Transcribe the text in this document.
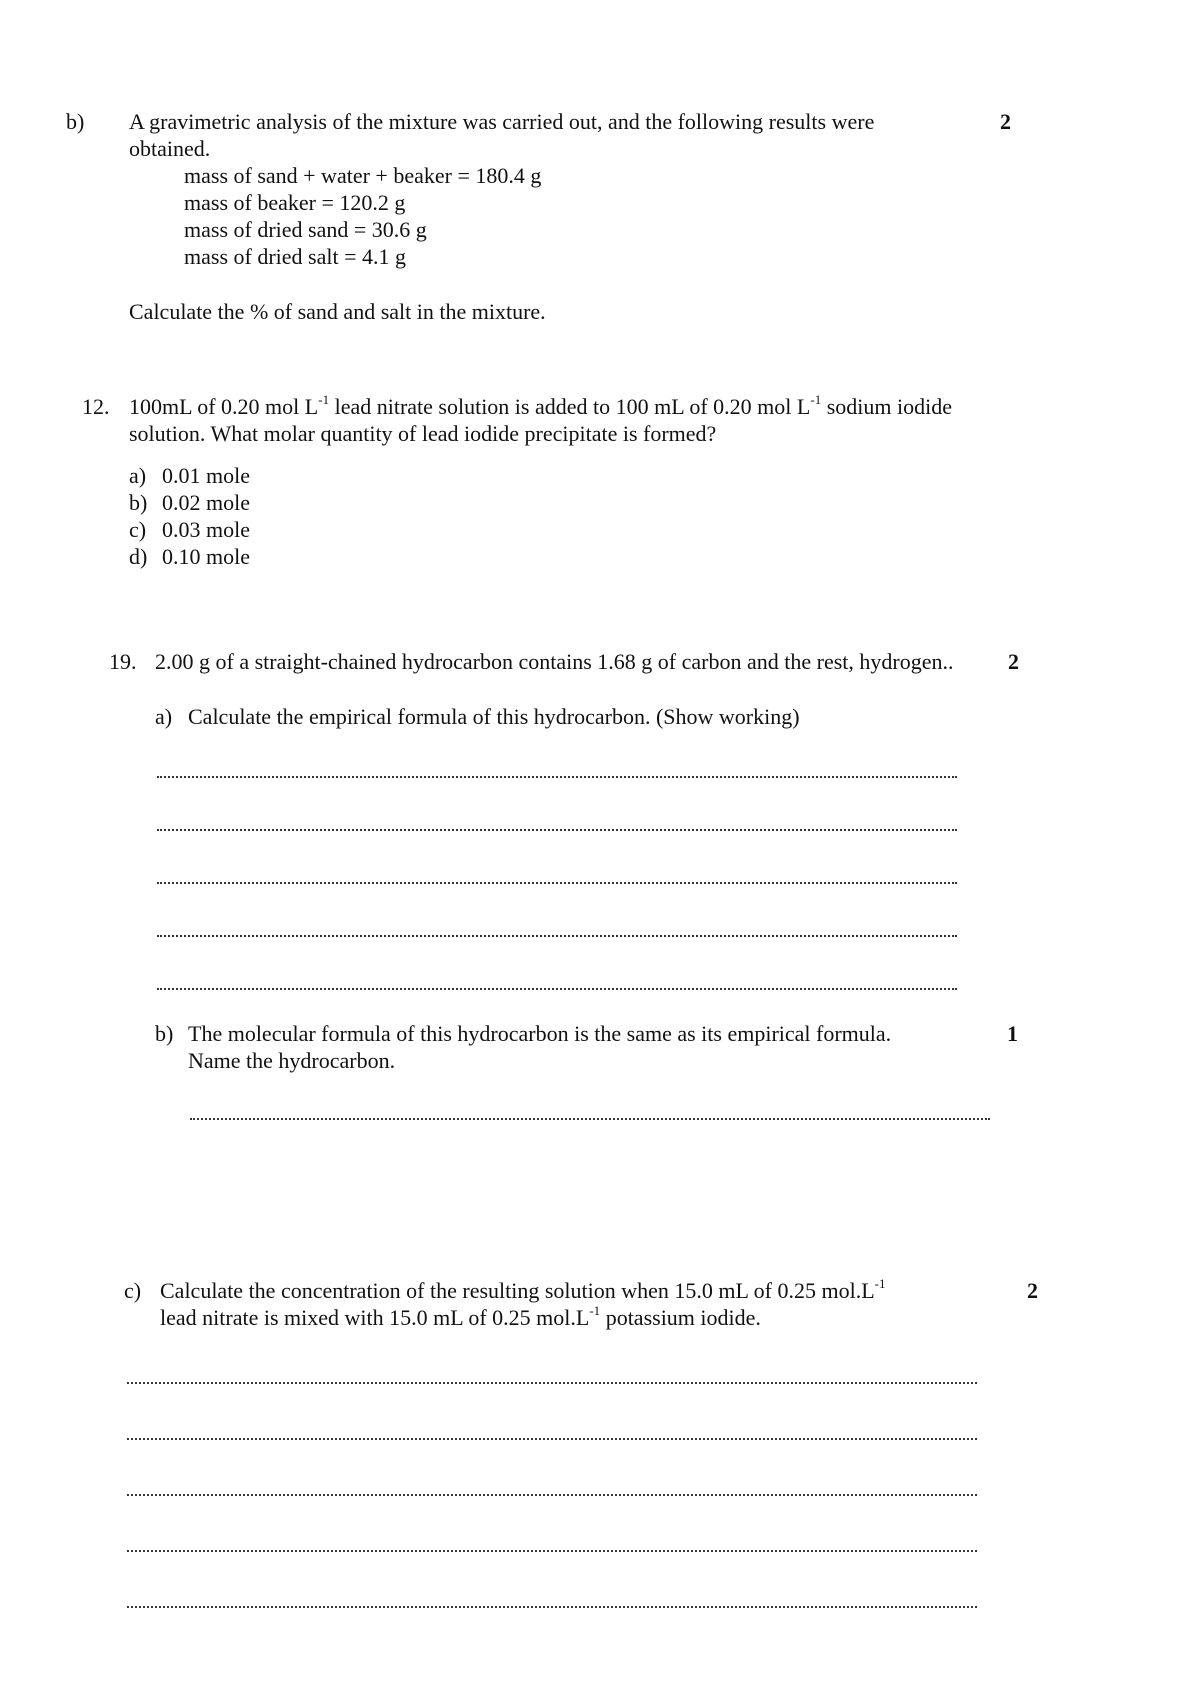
b) A gravimetric analysis of the mixture was carried out, and the following results were	2
obtained.
mass of sand + water + beaker = 180.4 g
mass of beaker = 120.2 g
mass of dried sand = 30.6 g
mass of dried salt = 4.1 g
Calculate the % of sand and salt in the mixture.
12. 100mL of 0.20 mol $L^{-1}$ lead nitrate solution is added to 100 mL of 0.20 mol $L^{-1}$ sodium iodide
solution. What molar quantity of lead iodide precipitate is formed?
a) 0.01 mole
b) 0.02 mole
c) 0.03 mole
d) 0.10 mole
19. 2.00 g of a straight-chained hydrocarbon contains 1.68 g of carbon and the rest, hydrogen.. 2
a) Calculate the empirical formula of this hydrocarbon. (Show working)
b) The molecular formula of this hydrocarbon is the same as its empirical formula.	1
Name the hydrocarbon.
c) Calculate the concentration of the resulting solution when 15.0 mL of 0.25 $mol.L^{-1}$	2
lead nitrate is mixed with 15.0 mL of 0.25 $mol.L^{-1}$ potassium iodide.
